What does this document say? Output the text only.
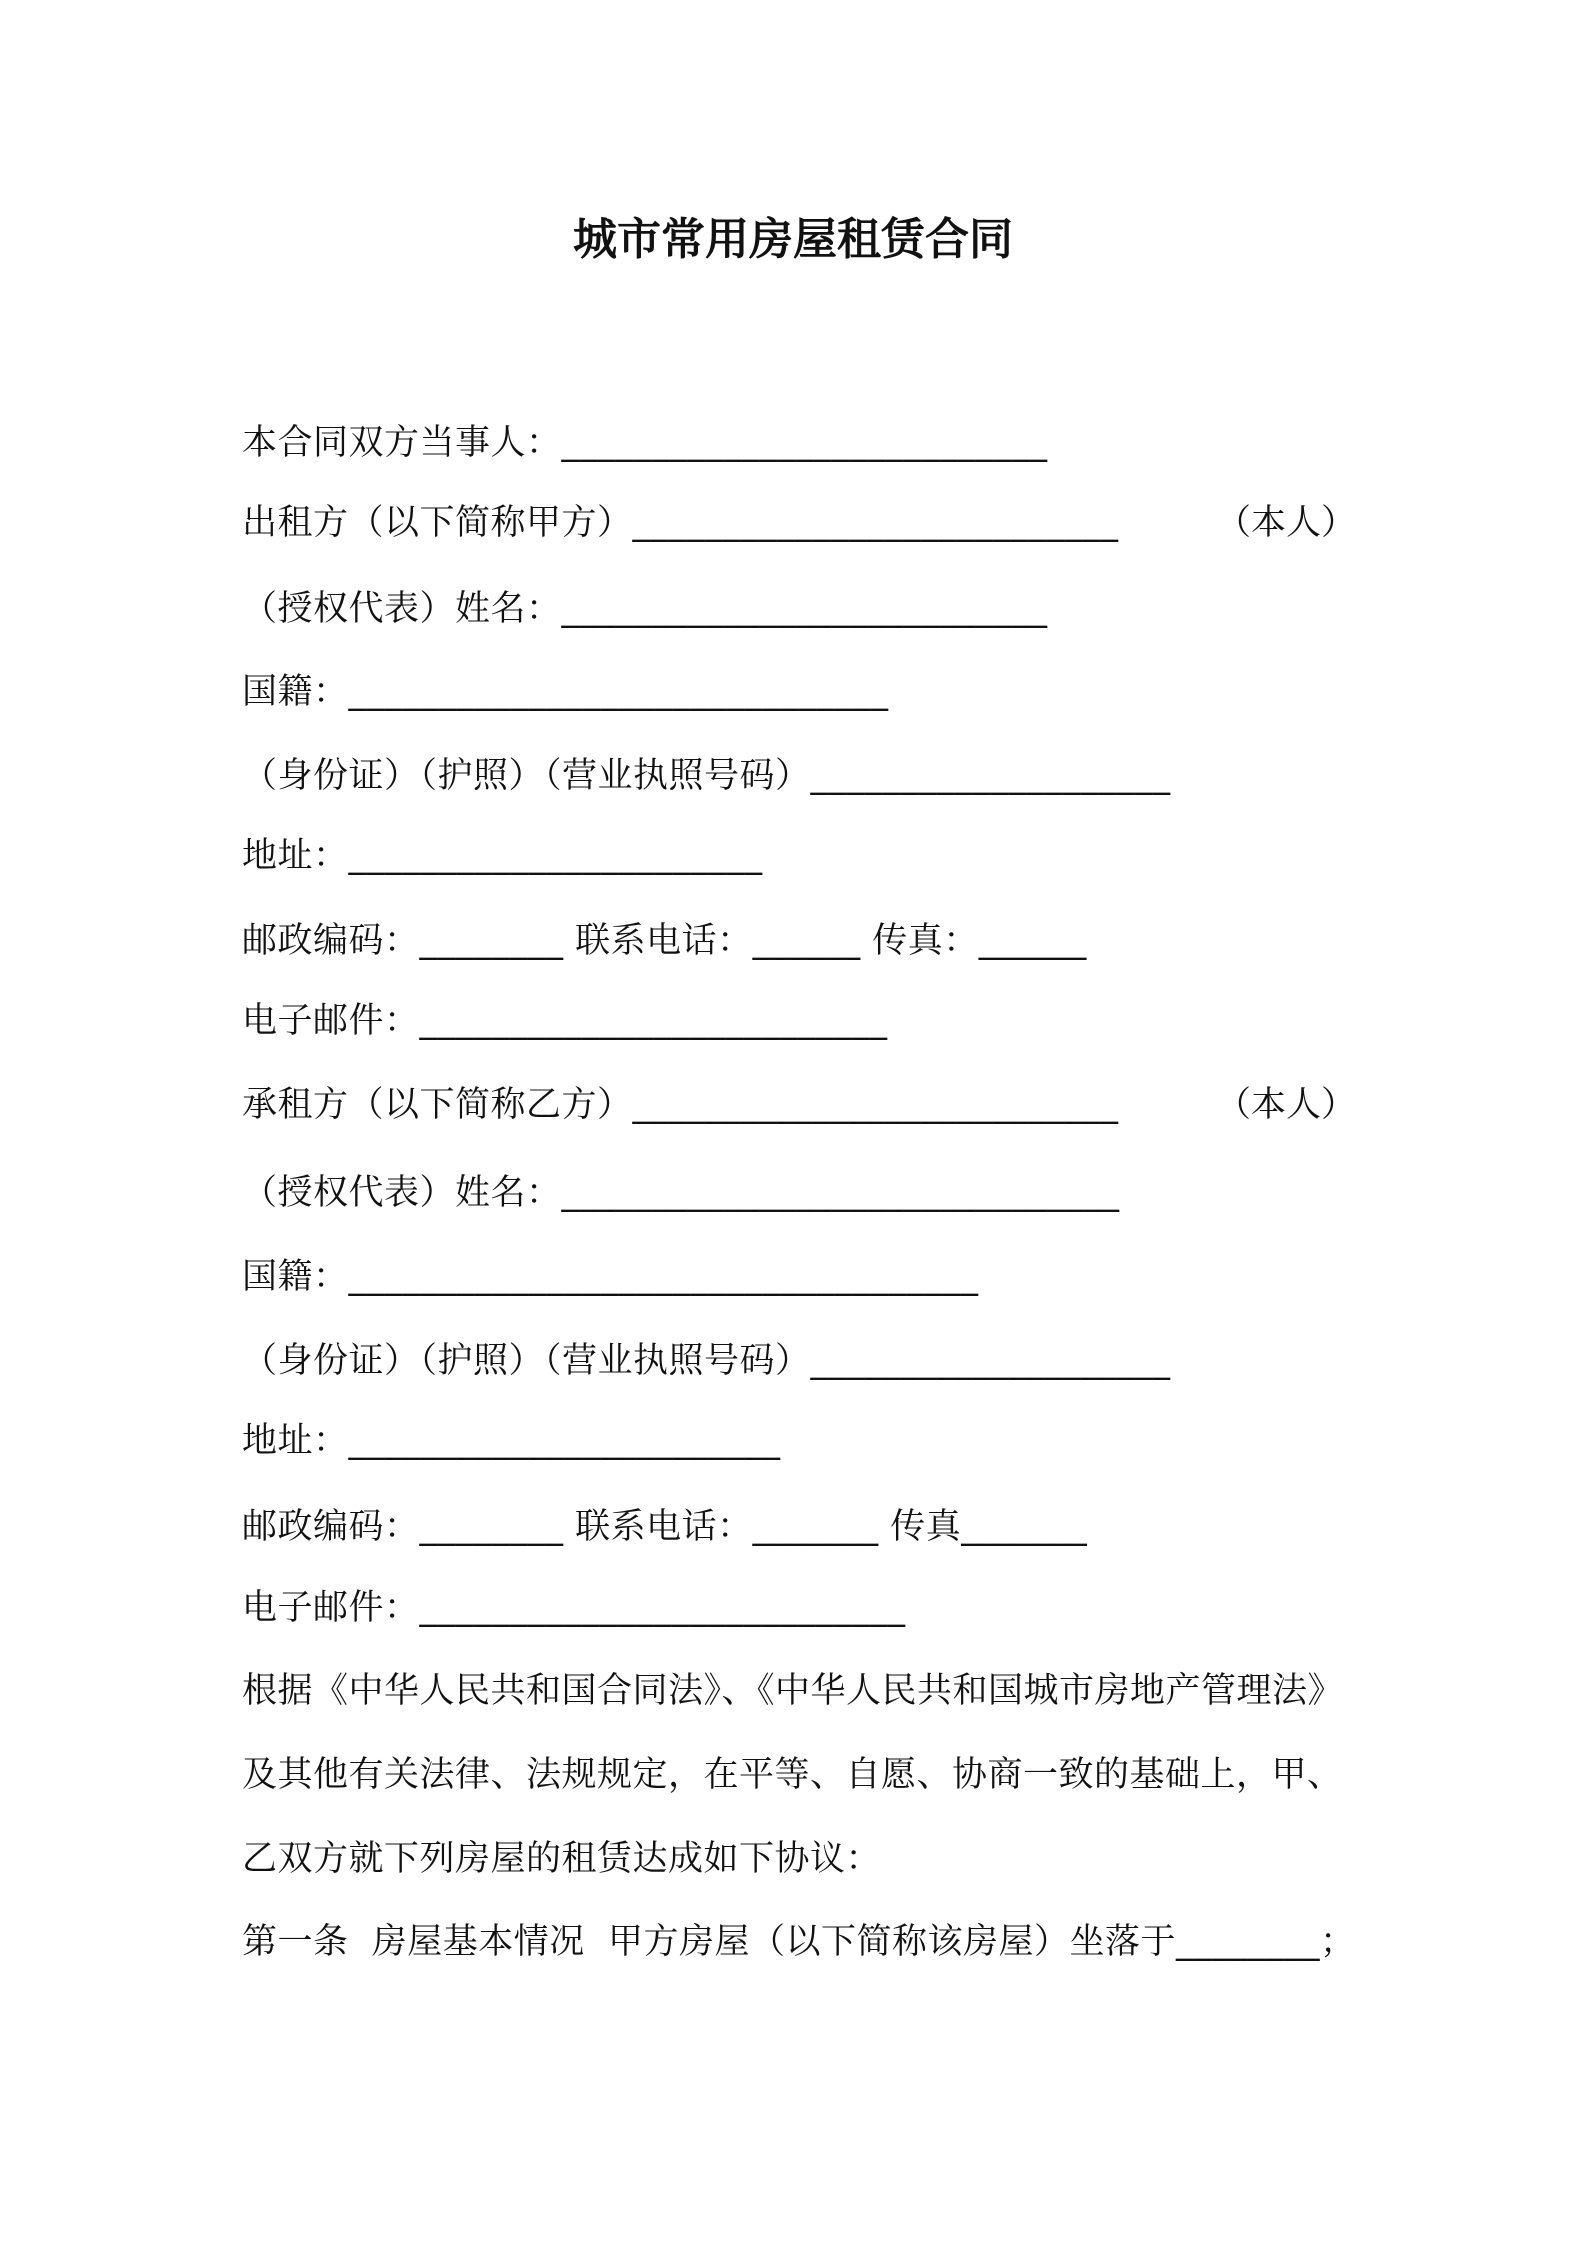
城市常用房屋租赁合同
本合同双方当事人：___________________________
出租方（以下简称甲方）___________________________	（本人）
（授权代表）姓名：___________________________
国籍：______________________________
（身份证）（护照）（营业执照号码）____________________
地址：_______________________
邮政编码：________ 联系电话：______ 传真：______
电子邮件：__________________________
承租方（以下简称乙方）___________________________	（本人）
（授权代表）姓名：_______________________________
国籍：___________________________________
（身份证）（护照）（营业执照号码）____________________
地址：________________________
邮政编码：________ 联系电话：_______ 传真_______
电子邮件：___________________________
根据《中华人民共和国合同法》、《中华人民共和国城市房地产管理法》
及其他有关法律、法规规定，在平等、自愿、协商一致的基础上，甲、
乙双方就下列房屋的租赁达成如下协议：
第一条  房屋基本情况  甲方房屋（以下简称该房屋）坐落于________；
